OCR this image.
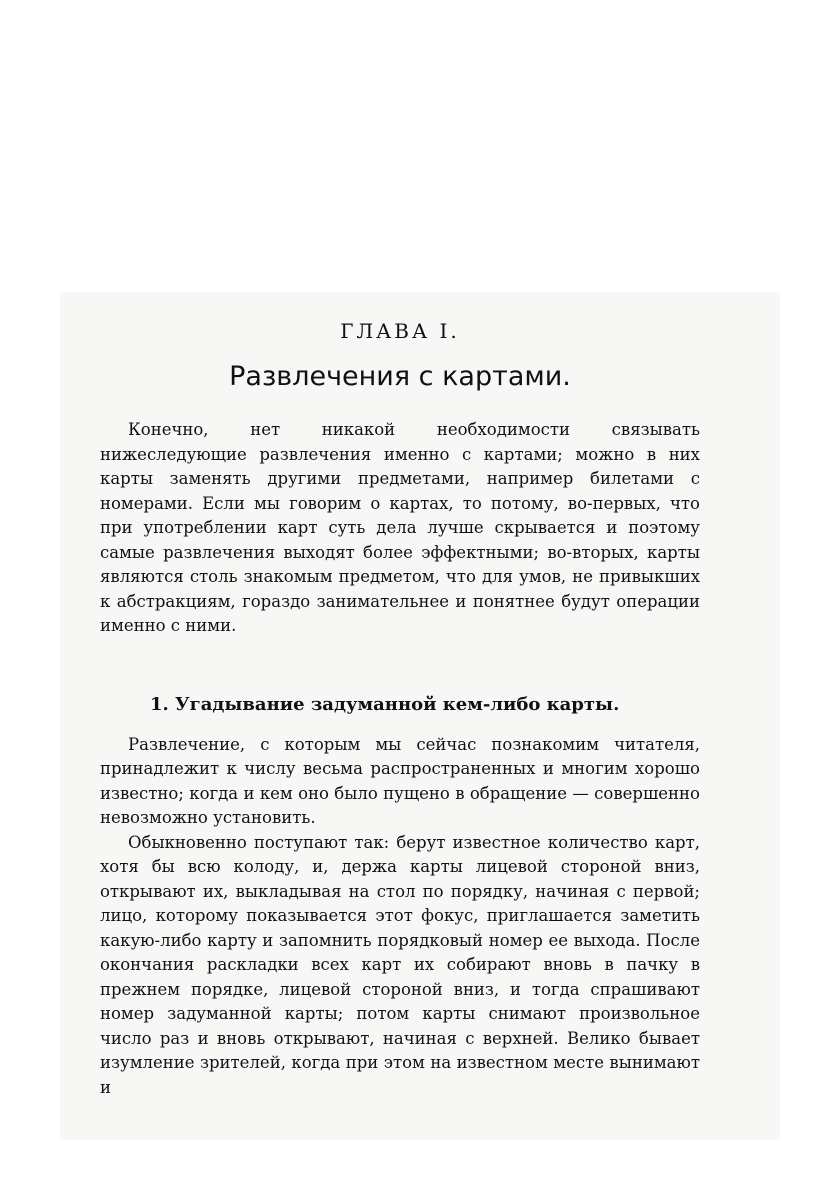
ГЛАВА I.

Развлечения с картами.

Конечно, нет никакой необходимости связывать нижеследующие развлечения именно с картами; можно в них карты заменять другими предметами, например билетами с номерами. Если мы говорим о картах, то потому, во-первых, что при употреблении карт суть дела лучше скрывается и поэтому самые развлечения выходят более эффектными; во-вторых, карты являются столь знакомым предметом, что для умов, не привыкших к абстракциям, гораздо занимательнее и понятнее будут операции именно с ними.

1. Угадывание задуманной кем-либо карты.

Развлечение, с которым мы сейчас познакомим читателя, принадлежит к числу весьма распространенных и многим хорошо известно; когда и кем оно было пущено в обращение — совершенно невозможно установить.

Обыкновенно поступают так: берут известное количество карт, хотя бы всю колоду, и, держа карты лицевой стороной вниз, открывают их, выкладывая на стол по порядку, начиная с первой; лицо, которому показывается этот фокус, приглашается заметить какую-либо карту и запомнить порядковый номер ее выхода. После окончания раскладки всех карт их собирают вновь в пачку в прежнем порядке, лицевой стороной вниз, и тогда спрашивают номер задуманной карты; потом карты снимают произвольное число раз и вновь открывают, начиная с верхней. Велико бывает изумление зрителей, когда при этом на известном месте вынимают и
